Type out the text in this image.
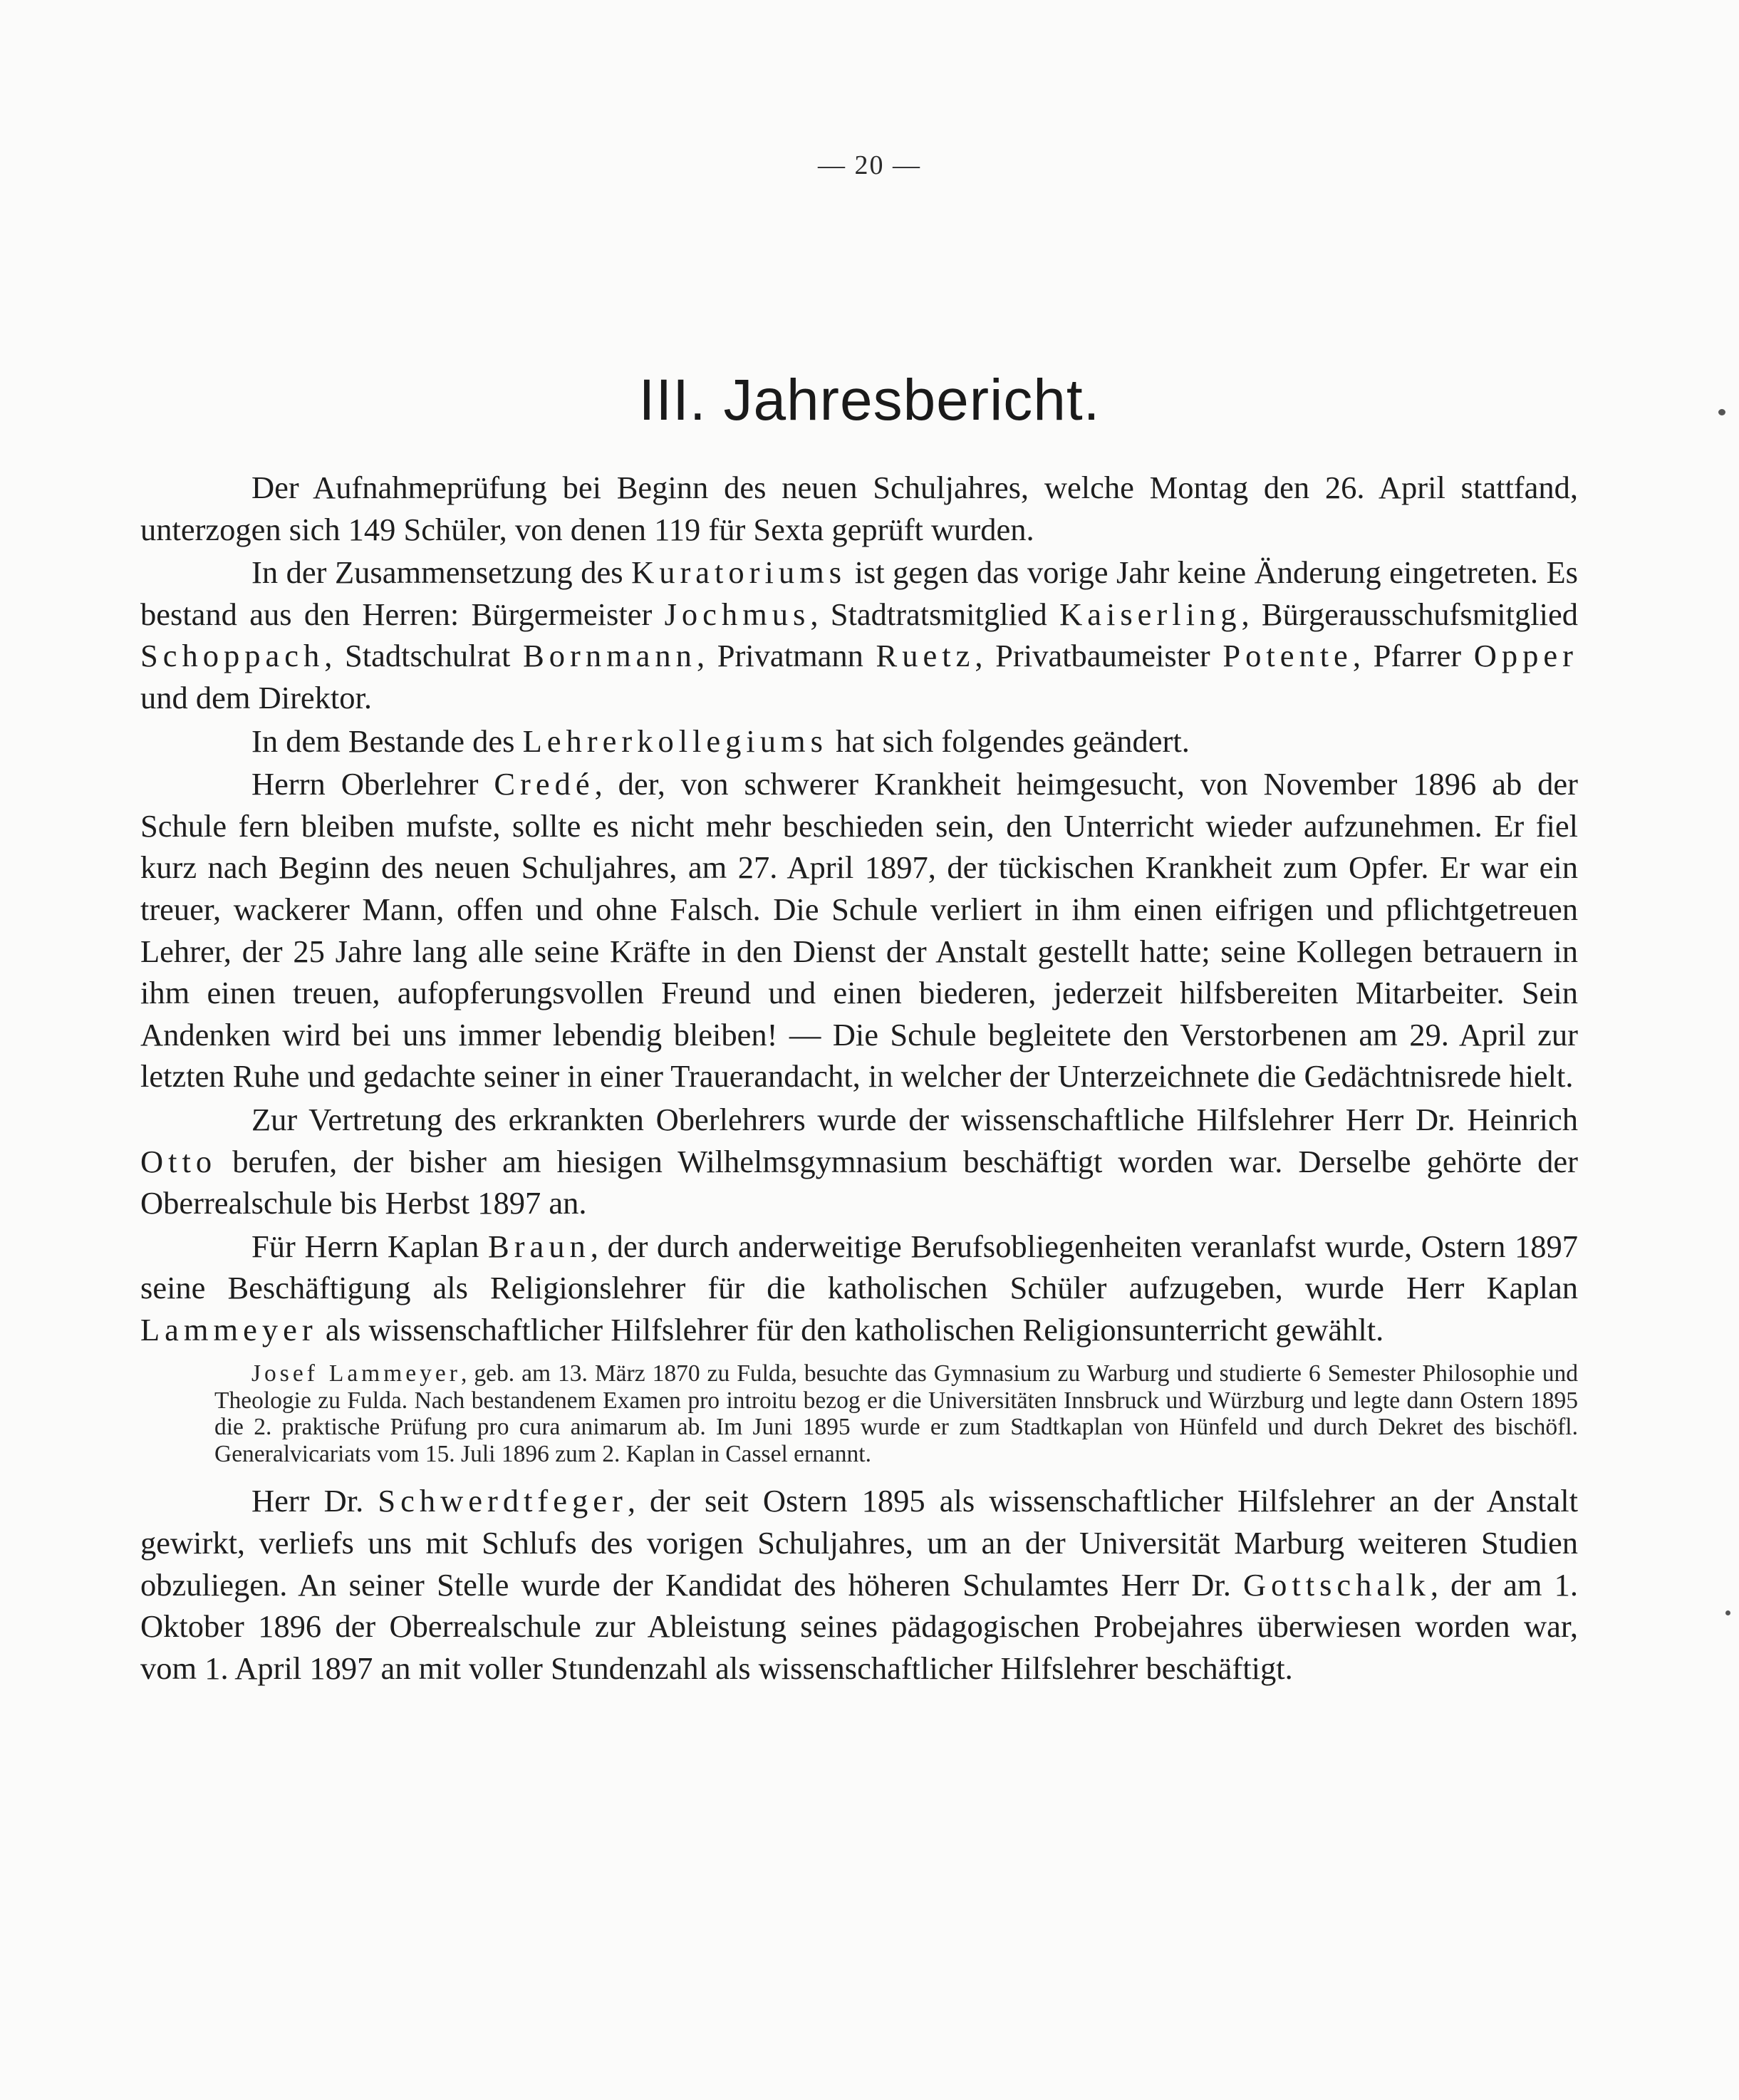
— 20 —
III. Jahresbericht.

Der Aufnahmeprüfung bei Beginn des neuen Schuljahres, welche Montag den 26. April stattfand, unterzogen sich 149 Schüler, von denen 119 für Sexta geprüft wurden.

In der Zusammensetzung des Kuratoriums ist gegen das vorige Jahr keine Änderung eingetreten. Es bestand aus den Herren: Bürgermeister Jochmus, Stadtratsmitglied Kaiserling, Bürgerausschufsmitglied Schoppach, Stadtschulrat Bornmann, Privatmann Ruetz, Privatbaumeister Potente, Pfarrer Opper und dem Direktor.

In dem Bestande des Lehrerkollegiums hat sich folgendes geändert.

Herrn Oberlehrer Credé, der, von schwerer Krankheit heimgesucht, von November 1896 ab der Schule fern bleiben mufste, sollte es nicht mehr beschieden sein, den Unterricht wieder aufzunehmen. Er fiel kurz nach Beginn des neuen Schuljahres, am 27. April 1897, der tückischen Krankheit zum Opfer. Er war ein treuer, wackerer Mann, offen und ohne Falsch. Die Schule verliert in ihm einen eifrigen und pflichtgetreuen Lehrer, der 25 Jahre lang alle seine Kräfte in den Dienst der Anstalt gestellt hatte; seine Kollegen betrauern in ihm einen treuen, aufopferungsvollen Freund und einen biederen, jederzeit hilfsbereiten Mitarbeiter. Sein Andenken wird bei uns immer lebendig bleiben! — Die Schule begleitete den Verstorbenen am 29. April zur letzten Ruhe und gedachte seiner in einer Trauerandacht, in welcher der Unterzeichnete die Gedächtnisrede hielt.

Zur Vertretung des erkrankten Oberlehrers wurde der wissenschaftliche Hilfslehrer Herr Dr. Heinrich Otto berufen, der bisher am hiesigen Wilhelmsgymnasium beschäftigt worden war. Derselbe gehörte der Oberrealschule bis Herbst 1897 an.

Für Herrn Kaplan Braun, der durch anderweitige Berufsobliegenheiten veranlafst wurde, Ostern 1897 seine Beschäftigung als Religionslehrer für die katholischen Schüler aufzugeben, wurde Herr Kaplan Lammeyer als wissenschaftlicher Hilfslehrer für den katholischen Religionsunterricht gewählt.

Josef Lammeyer, geb. am 13. März 1870 zu Fulda, besuchte das Gymnasium zu Warburg und studierte 6 Semester Philosophie und Theologie zu Fulda. Nach bestandenem Examen pro introitu bezog er die Universitäten Innsbruck und Würzburg und legte dann Ostern 1895 die 2. praktische Prüfung pro cura animarum ab. Im Juni 1895 wurde er zum Stadtkaplan von Hünfeld und durch Dekret des bischöfl. Generalvicariats vom 15. Juli 1896 zum 2. Kaplan in Cassel ernannt.

Herr Dr. Schwerdtfeger, der seit Ostern 1895 als wissenschaftlicher Hilfslehrer an der Anstalt gewirkt, verliefs uns mit Schlufs des vorigen Schuljahres, um an der Universität Marburg weiteren Studien obzuliegen. An seiner Stelle wurde der Kandidat des höheren Schulamtes Herr Dr. Gottschalk, der am 1. Oktober 1896 der Oberrealschule zur Ableistung seines pädagogischen Probejahres überwiesen worden war, vom 1. April 1897 an mit voller Stundenzahl als wissenschaftlicher Hilfslehrer beschäftigt.
